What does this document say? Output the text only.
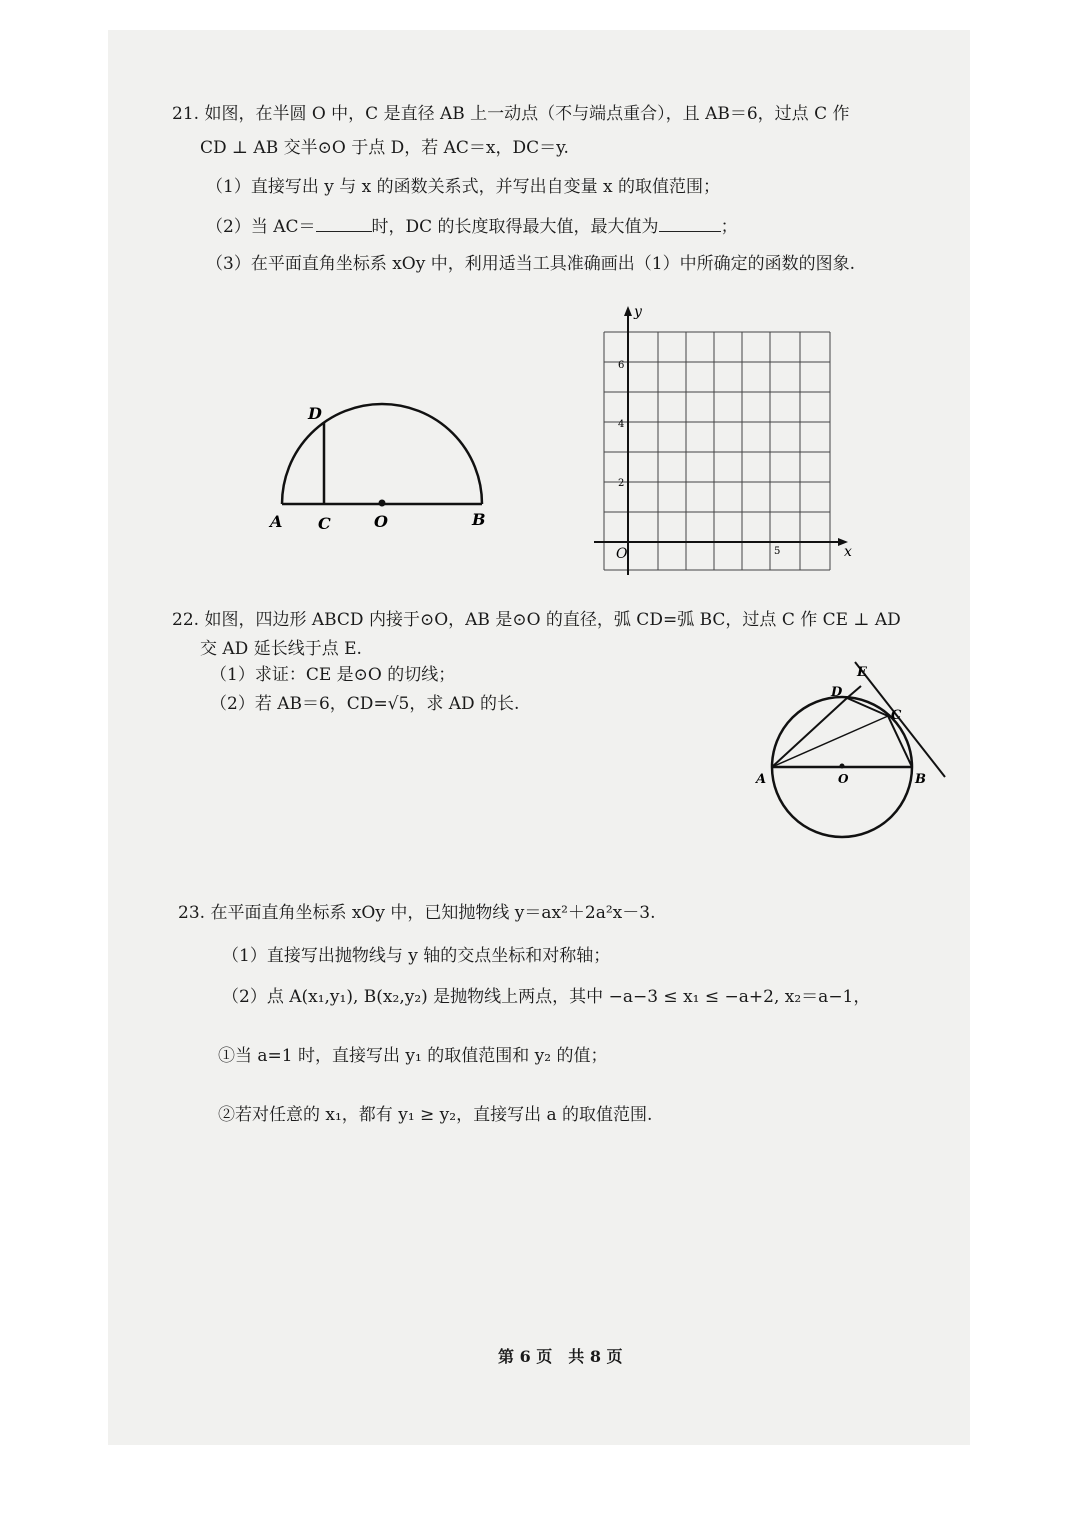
21. 如图，在半圆 O 中，C 是直径 AB 上一动点（不与端点重合），且 AB＝6，过点 C 作
CD ⊥ AB 交半⊙O 于点 D，若 AC＝x，DC＝y.
（1）直接写出 y 与 x 的函数关系式，并写出自变量 x 的取值范围；
（2）当 AC＝	时，DC 的长度取得最大值，最大值为	；
（3）在平面直角坐标系 xOy 中，利用适当工具准确画出（1）中所确定的函数的图象.
D
A C	O	B
y
x
O
6
4
2
5
22. 如图，四边形 ABCD 内接于⊙O，AB 是⊙O 的直径，弧 CD=弧 BC，过点 C 作 CE ⊥ AD
交 AD 延长线于点 E.
（1）求证：CE 是⊙O 的切线；
（2）若 AB＝6，CD=√5，求 AD 的长.
E
D
C
A	O	B
23. 在平面直角坐标系 xOy 中，已知抛物线 y＝ax²＋2a²x－3.
（1）直接写出抛物线与 y 轴的交点坐标和对称轴；
（2）点 A(x₁,y₁), B(x₂,y₂) 是抛物线上两点，其中 −a−3 ≤ x₁ ≤ −a+2, x₂＝a−1，
①当 a=1 时，直接写出 y₁ 的取值范围和 y₂ 的值；
②若对任意的 x₁，都有 y₁ ≥ y₂，直接写出 a 的取值范围.
第 6 页　共 8 页
